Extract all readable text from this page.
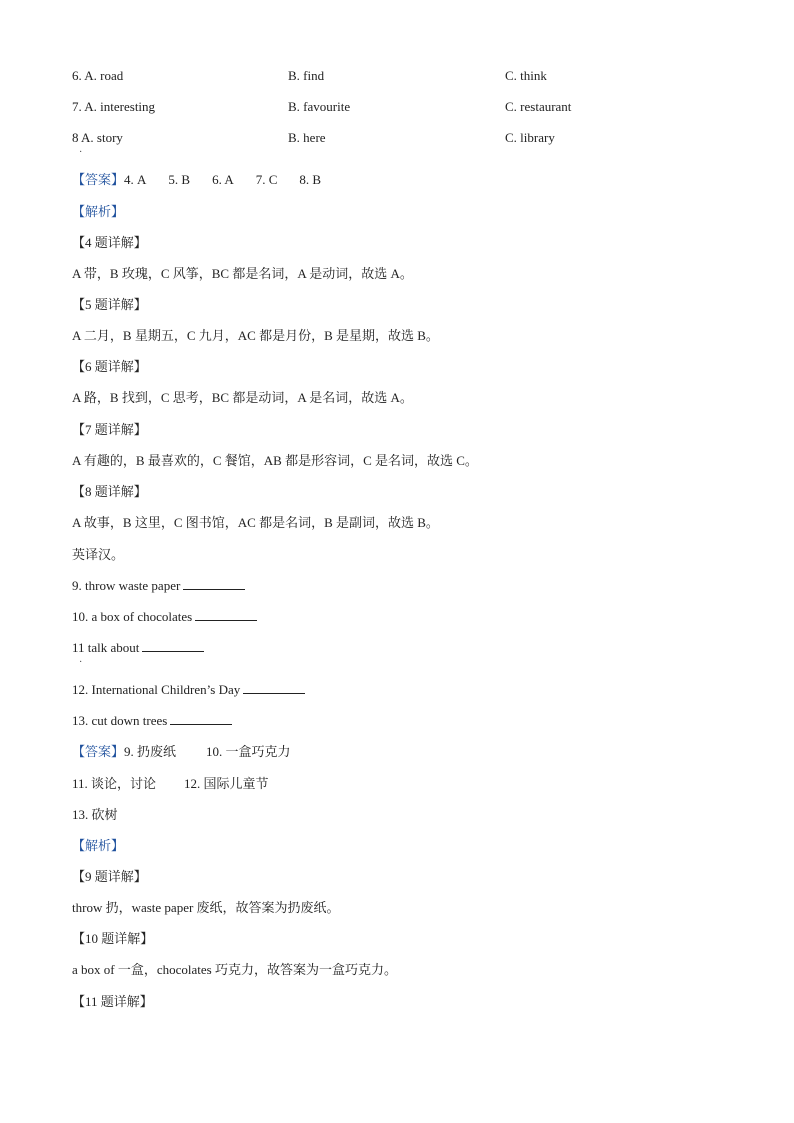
6. A. road	B. find	C. think
7. A. interesting	B. favourite	C. restaurant
8 A. story	B. here	C. library
·
【答案】4. A 5. B 6. A 7. C 8. B
【解析】
【4 题详解】
A 带，B 玫瑰，C 风筝，BC 都是名词，A 是动词，故选 A。
【5 题详解】
A 二月，B 星期五，C 九月，AC 都是月份，B 是星期，故选 B。
【6 题详解】
A 路，B 找到，C 思考，BC 都是动词，A 是名词，故选 A。
【7 题详解】
A 有趣的，B 最喜欢的，C 餐馆，AB 都是形容词，C 是名词，故选 C。
【8 题详解】
A 故事，B 这里，C 图书馆，AC 都是名词，B 是副词，故选 B。
英译汉。
9. throw waste paper
10. a box of chocolates
11 talk about
·
12. International Children’s Day
13. cut down trees
【答案】9. 扔废纸 10. 一盒巧克力
11. 谈论，讨论 12. 国际儿童节
13. 砍树
【解析】
【9 题详解】
throw 扔，waste paper 废纸，故答案为扔废纸。
【10 题详解】
a box of 一盒，chocolates 巧克力，故答案为一盒巧克力。
【11 题详解】
